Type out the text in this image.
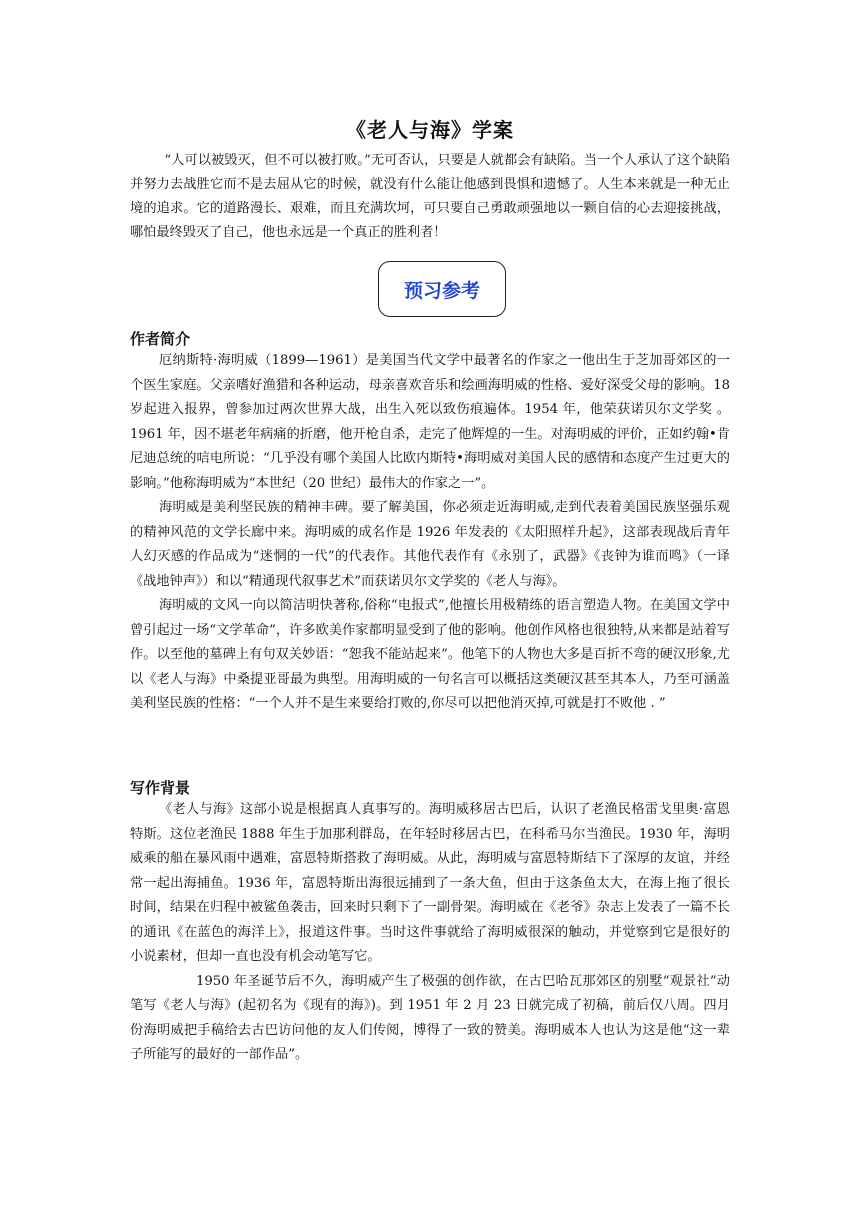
《老人与海》学案

“人可以被毁灭，但不可以被打败。”无可否认，只要是人就都会有缺陷。当一个人承认了这个缺陷并努力去战胜它而不是去屈从它的时候，就没有什么能让他感到畏惧和遗憾了。人生本来就是一种无止境的追求。它的道路漫长、艰难，而且充满坎坷，可只要自己勇敢顽强地以一颗自信的心去迎接挑战，哪怕最终毁灭了自己，他也永远是一个真正的胜利者！

预习参考
作者简介

厄纳斯特·海明威（1899—1961）是美国当代文学中最著名的作家之一他出生于芝加哥郊区的一个医生家庭。父亲嗜好渔猎和各种运动，母亲喜欢音乐和绘画海明威的性格、爱好深受父母的影响。18 岁起进入报界，曾参加过两次世界大战，出生入死以致伤痕遍体。1954 年，他荣获诺贝尔文学奖 。1961 年，因不堪老年病痛的折磨，他开枪自杀，走完了他辉煌的一生。对海明威的评价，正如约翰•肯尼迪总统的唁电所说：“几乎没有哪个美国人比欧内斯特•海明威对美国人民的感情和态度产生过更大的影响。”他称海明威为“本世纪（20 世纪）最伟大的作家之一”。

海明威是美利坚民族的精神丰碑。要了解美国，你必须走近海明威,走到代表着美国民族坚强乐观的精神风范的文学长廊中来。海明威的成名作是 1926 年发表的《太阳照样升起》，这部表现战后青年人幻灭感的作品成为“迷惘的一代”的代表作。其他代表作有《永别了，武器》《丧钟为谁而鸣》（一译《战地钟声》）和以“精通现代叙事艺术”而获诺贝尔文学奖的《老人与海》。

海明威的文风一向以简洁明快著称,俗称“电报式”,他擅长用极精练的语言塑造人物。在美国文学中曾引起过一场“文学革命”，许多欧美作家都明显受到了他的影响。他创作风格也很独特,从来都是站着写作。以至他的墓碑上有句双关妙语：“恕我不能站起来”。他笔下的人物也大多是百折不弯的硬汉形象,尤以《老人与海》中桑提亚哥最为典型。用海明威的一句名言可以概括这类硬汉甚至其本人，乃至可涵盖美利坚民族的性格：“一个人并不是生来要给打败的,你尽可以把他消灭掉,可就是打不败他 . ”

写作背景

《老人与海》这部小说是根据真人真事写的。海明威移居古巴后，认识了老渔民格雷戈里奥·富恩特斯。这位老渔民 1888 年生于加那利群岛，在年轻时移居古巴，在科希马尔当渔民。1930 年，海明威乘的船在暴风雨中遇难，富恩特斯搭救了海明威。从此，海明威与富恩特斯结下了深厚的友谊，并经常一起出海捕鱼。1936 年，富恩特斯出海很远捕到了一条大鱼，但由于这条鱼太大，在海上拖了很长时间，结果在归程中被鲨鱼袭击，回来时只剩下了一副骨架。海明威在《老爷》杂志上发表了一篇不长的通讯《在蓝色的海洋上》，报道这件事。当时这件事就给了海明威很深的触动，并觉察到它是很好的小说素材，但却一直也没有机会动笔写它。

1950 年圣诞节后不久，海明威产生了极强的创作欲，在古巴哈瓦那郊区的别墅“观景社”动笔写《老人与海》(起初名为《现有的海》)。到 1951 年 2 月 23 日就完成了初稿，前后仅八周。四月份海明威把手稿给去古巴访问他的友人们传阅，博得了一致的赞美。海明威本人也认为这是他“这一辈子所能写的最好的一部作品”。
